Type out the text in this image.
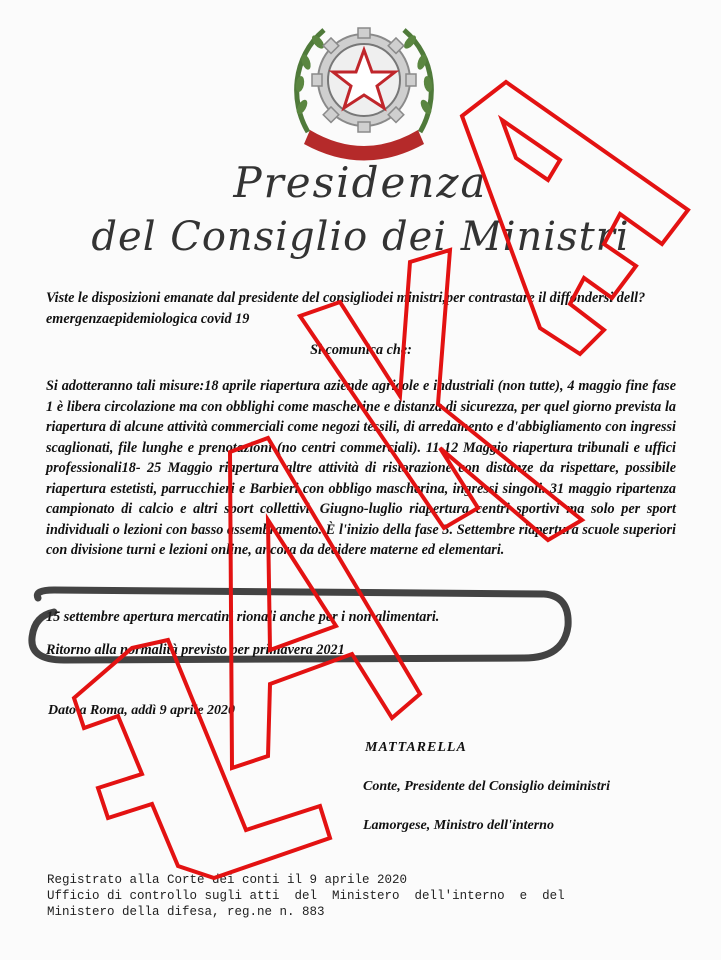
Presidenza
del Consiglio dei Ministri
Viste le disposizioni emanate dal presidente del consigliodei ministri,per contrastare il diffondersi dell?emergenzaepidemiologica covid 19
Si comunica che:
Si adotteranno tali misure:18 aprile riapertura aziende agricole e industriali (non tutte), 4 maggio fine fase 1 è libera circolazione ma con obblighi come mascherine e distanza di sicurezza, per quel giorno prevista la riapertura di alcune attività commerciali come negozi tessili, di arredamento e d'abbigliamento con ingressi scaglionati, file lunghe e prenotazioni (no centri commerciali). 11-12 Maggio riapertura tribunali e uffici professionali18- 25 Maggio riapertura altre attività di ristorazione con distanze da rispettare, possibile riapertura estetisti, parrucchieri e Barbieri con obbligo mascherina, ingressi singoli. 31 maggio ripartenza campionato di calcio e altri sport collettivi. Giugno-luglio riapertura centri sportivi ma solo per sport individuali o lezioni con basso assembramento. È l'inizio della fase 3. Settembre riapertura scuole superiori con divisione turni e lezioni online, ancora da decidere materne ed elementari.
15 settembre apertura mercatini rionali anche per i non alimentari.
Ritorno alla normalità previsto per primavera 2021
Dato a Roma, addì 9 aprile 2020
MATTARELLA
Conte, Presidente del Consiglio deiministri
Lamorgese, Ministro dell'interno
Registrato alla Corte dei conti il 9 aprile 2020
Ufficio di controllo sugli atti  del  Ministero  dell'interno  e  del
Ministero della difesa, reg.ne n. 883
